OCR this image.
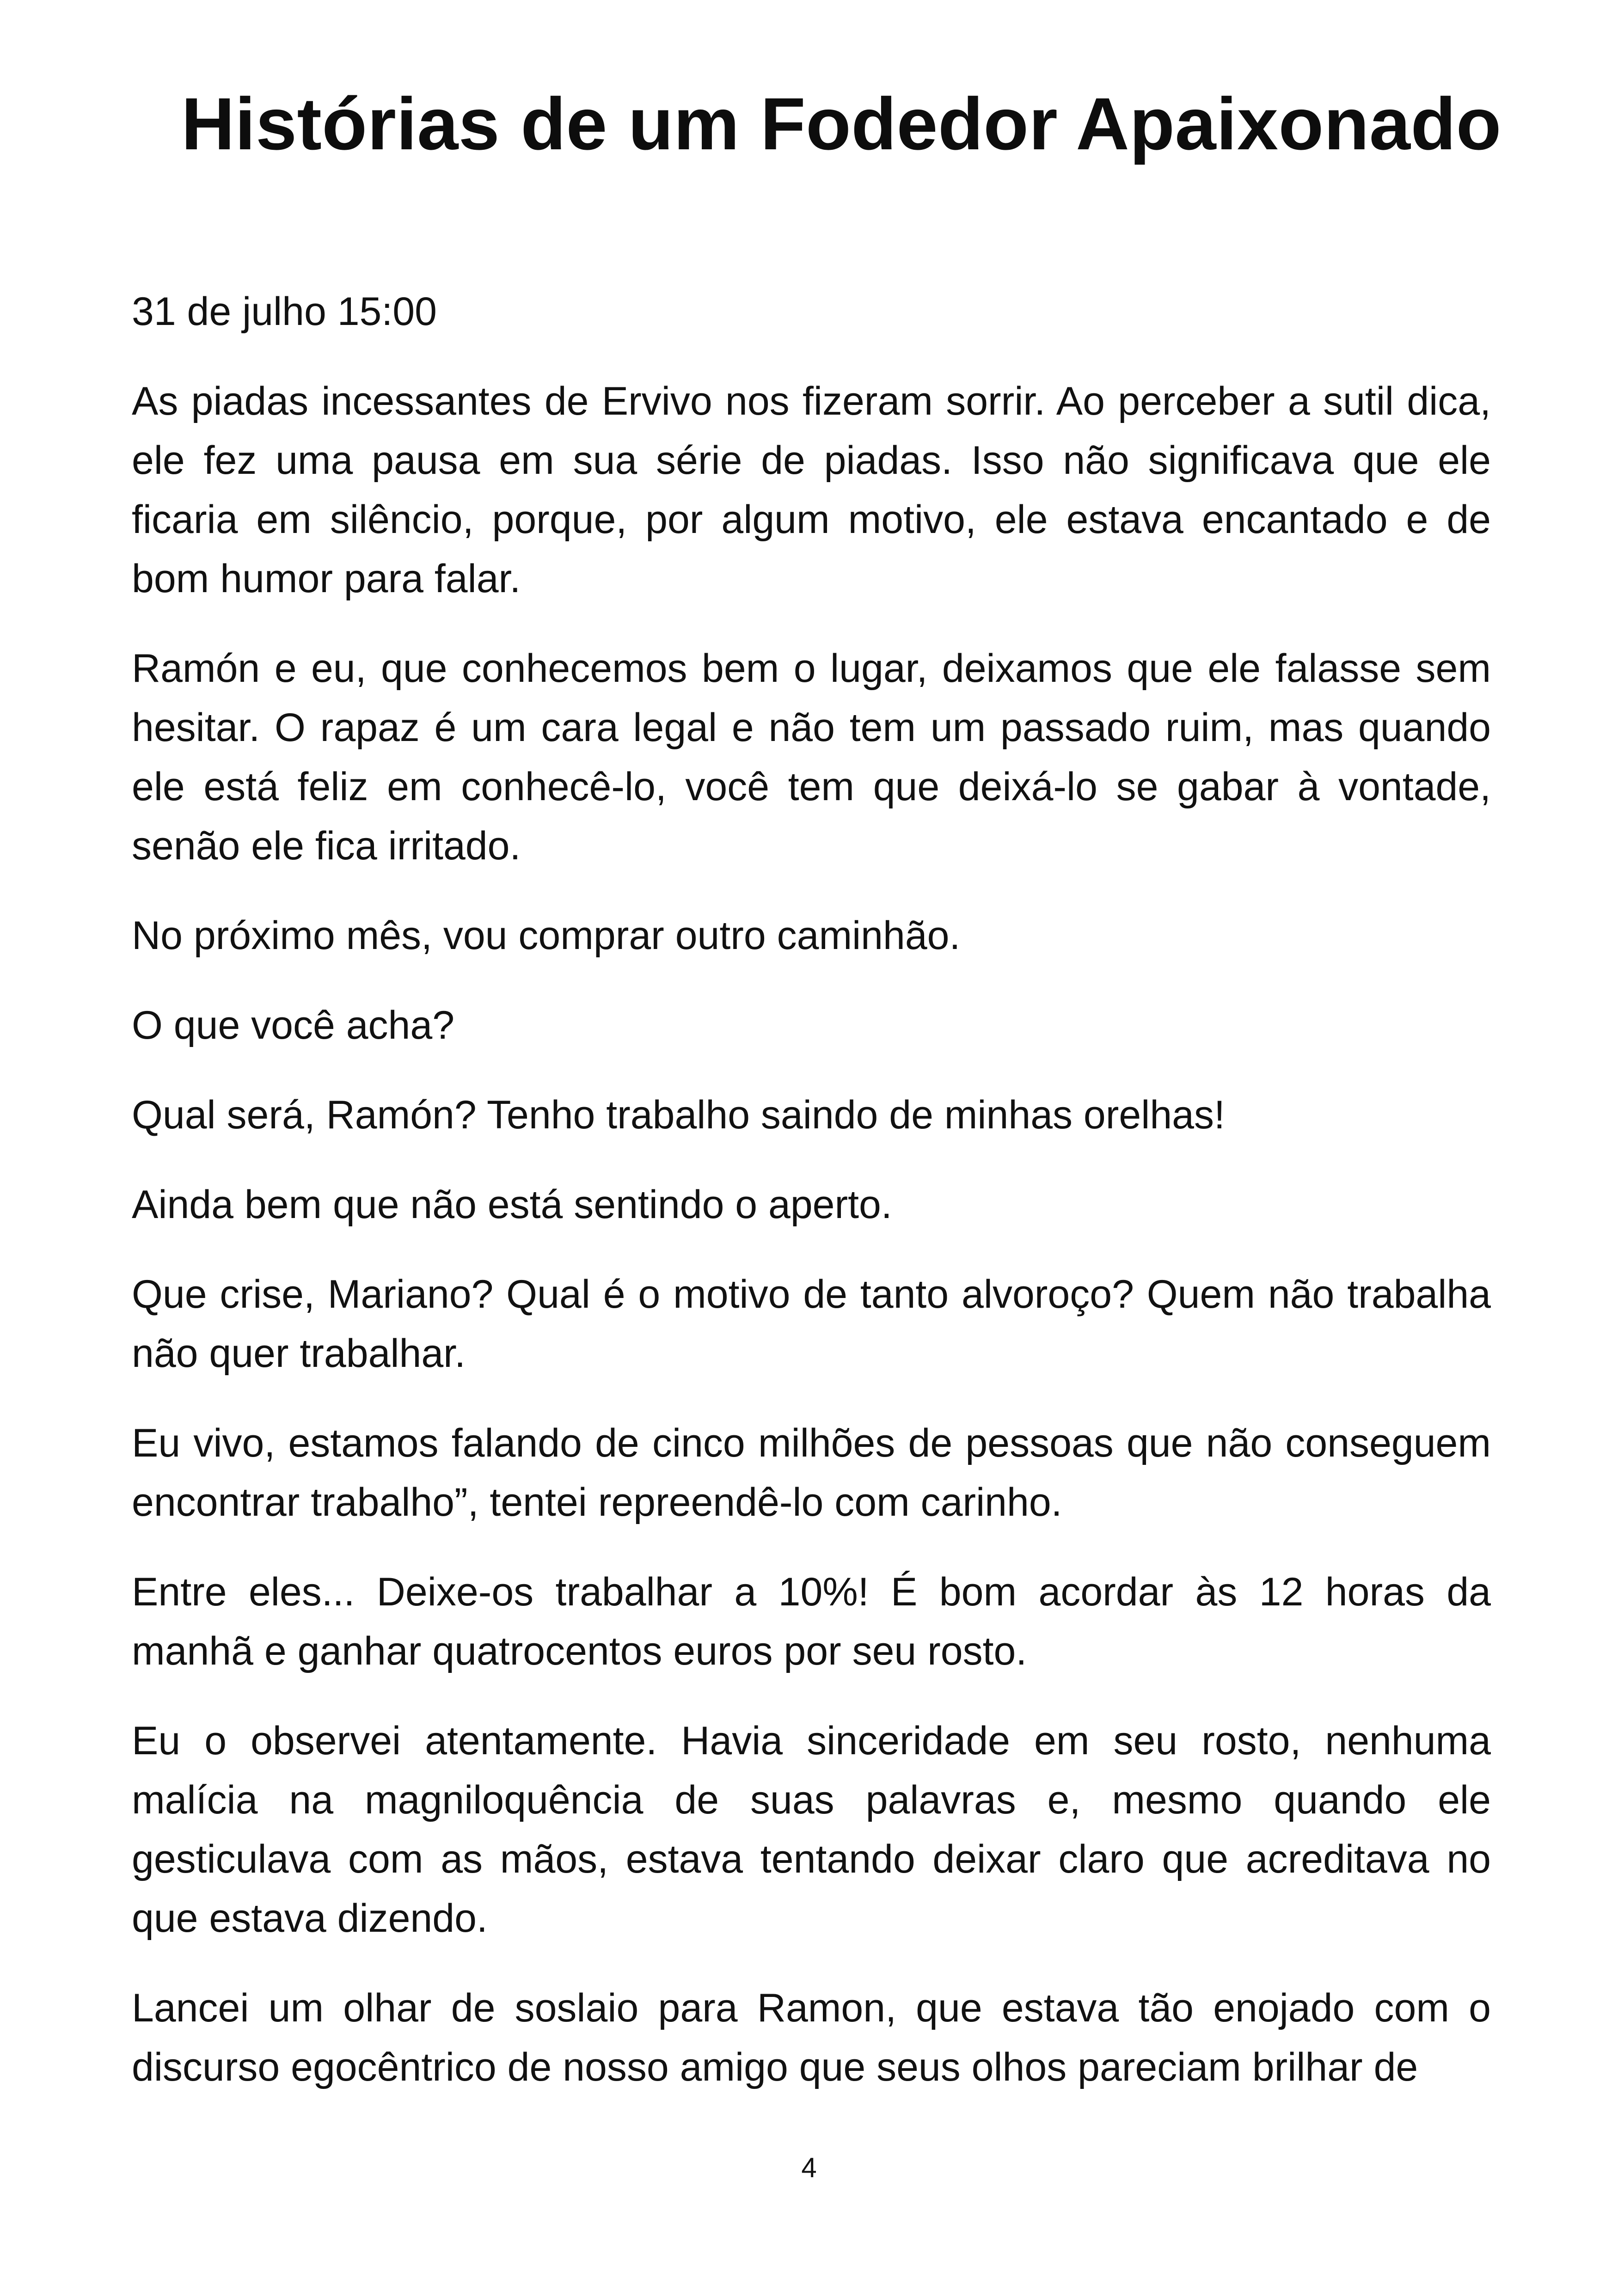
Histórias de um Fodedor Apaixonado

31 de julho 15:00

As piadas incessantes de Ervivo nos fizeram sorrir. Ao perceber a sutil dica, ele fez uma pausa em sua série de piadas. Isso não significava que ele ficaria em silêncio, porque, por algum motivo, ele estava encantado e de bom humor para falar.

Ramón e eu, que conhecemos bem o lugar, deixamos que ele falasse sem hesitar. O rapaz é um cara legal e não tem um passado ruim, mas quando ele está feliz em conhecê-lo, você tem que deixá-lo se gabar à vontade, senão ele fica irritado.

No próximo mês, vou comprar outro caminhão.

O que você acha?

Qual será, Ramón? Tenho trabalho saindo de minhas orelhas!

Ainda bem que não está sentindo o aperto.

Que crise, Mariano? Qual é o motivo de tanto alvoroço? Quem não trabalha não quer trabalhar.

Eu vivo, estamos falando de cinco milhões de pessoas que não conseguem encontrar trabalho”, tentei repreendê-lo com carinho.

Entre eles... Deixe-os trabalhar a 10%! É bom acordar às 12 horas da manhã e ganhar quatrocentos euros por seu rosto.

Eu o observei atentamente. Havia sinceridade em seu rosto, nenhuma malícia na magniloquência de suas palavras e, mesmo quando ele gesticulava com as mãos, estava tentando deixar claro que acreditava no que estava dizendo.

Lancei um olhar de soslaio para Ramon, que estava tão enojado com o discurso egocêntrico de nosso amigo que seus olhos pareciam brilhar de

4
